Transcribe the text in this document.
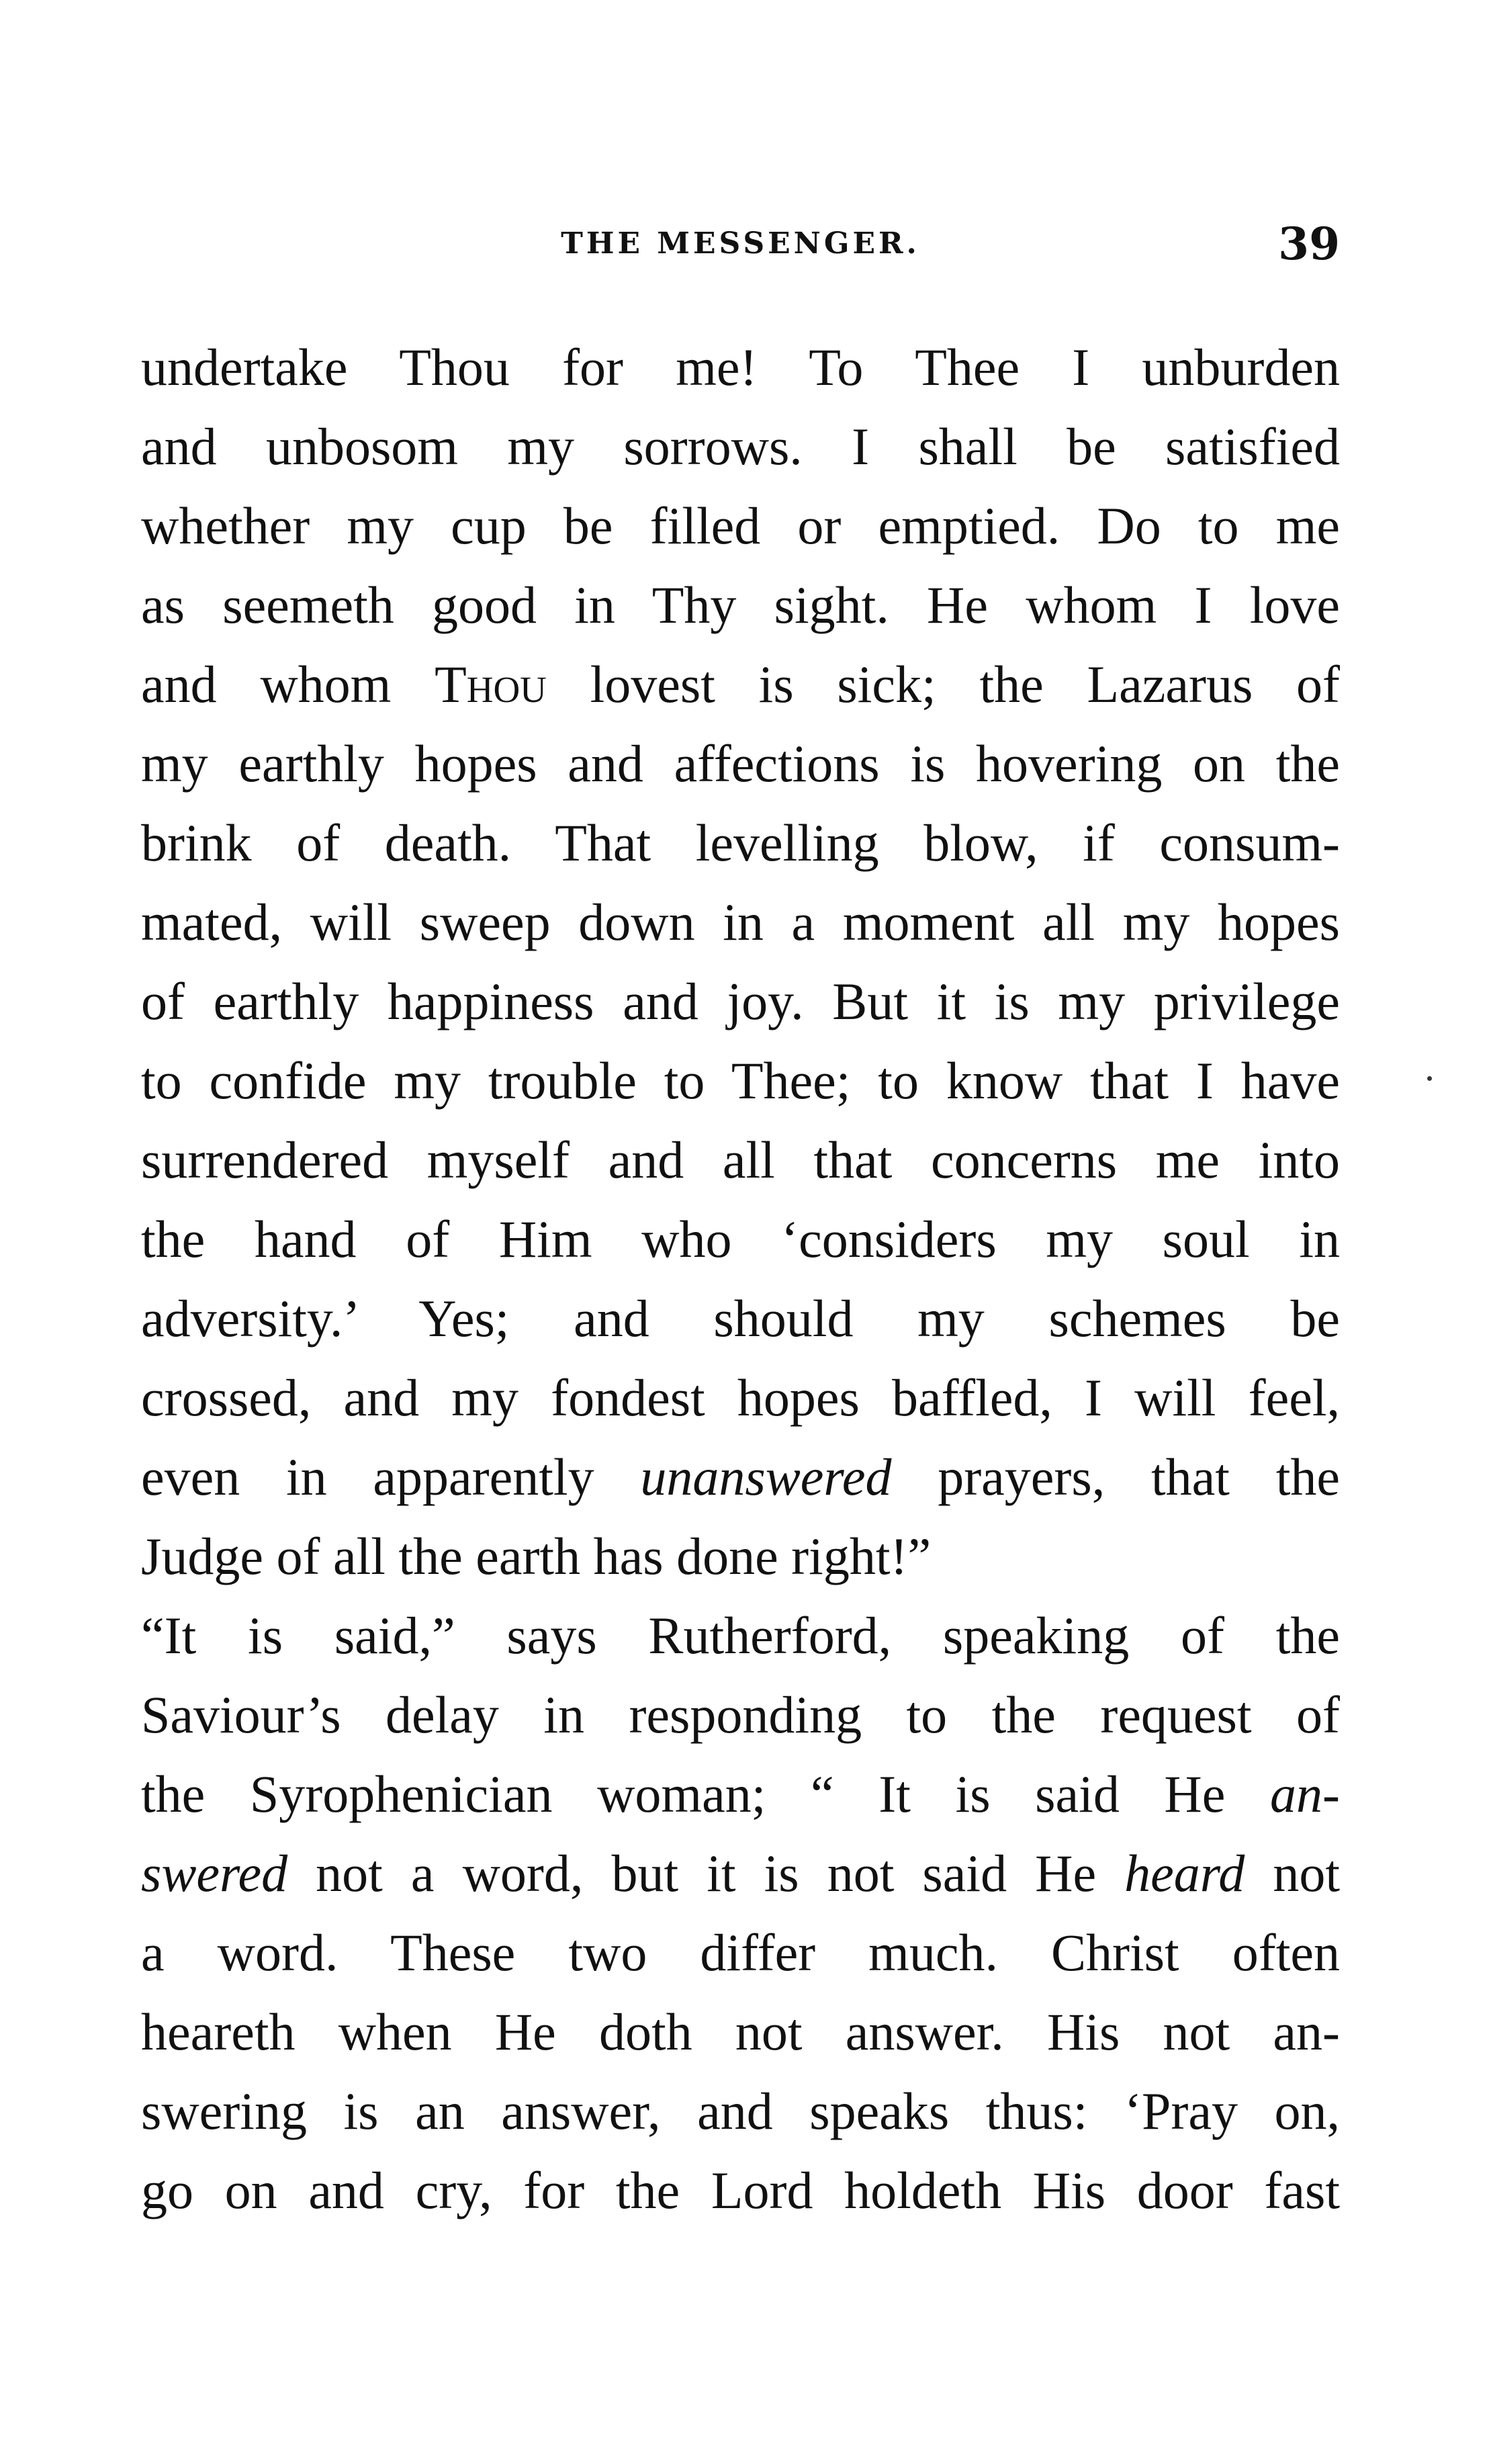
THE MESSENGER.	39
undertake Thou for me! To Thee I unburden
and unbosom my sorrows. I shall be satisfied
whether my cup be filled or emptied. Do to me
as seemeth good in Thy sight. He whom I love
and whom Thou lovest is sick; the Lazarus of
my earthly hopes and affections is hovering on the
brink of death. That levelling blow, if consum-
mated, will sweep down in a moment all my hopes
of earthly happiness and joy. But it is my privilege
to confide my trouble to Thee; to know that I have
surrendered myself and all that concerns me into
the hand of Him who ‘considers my soul in
adversity.’ Yes; and should my schemes be
crossed, and my fondest hopes baffled, I will feel,
even in apparently unanswered prayers, that the
Judge of all the earth has done right!”
“It is said,” says Rutherford, speaking of the
Saviour’s delay in responding to the request of
the Syrophenician woman; “ It is said He an-
swered not a word, but it is not said He heard not
a word. These two differ much. Christ often
heareth when He doth not answer. His not an-
swering is an answer, and speaks thus: ‘Pray on,
go on and cry, for the Lord holdeth His door fast
